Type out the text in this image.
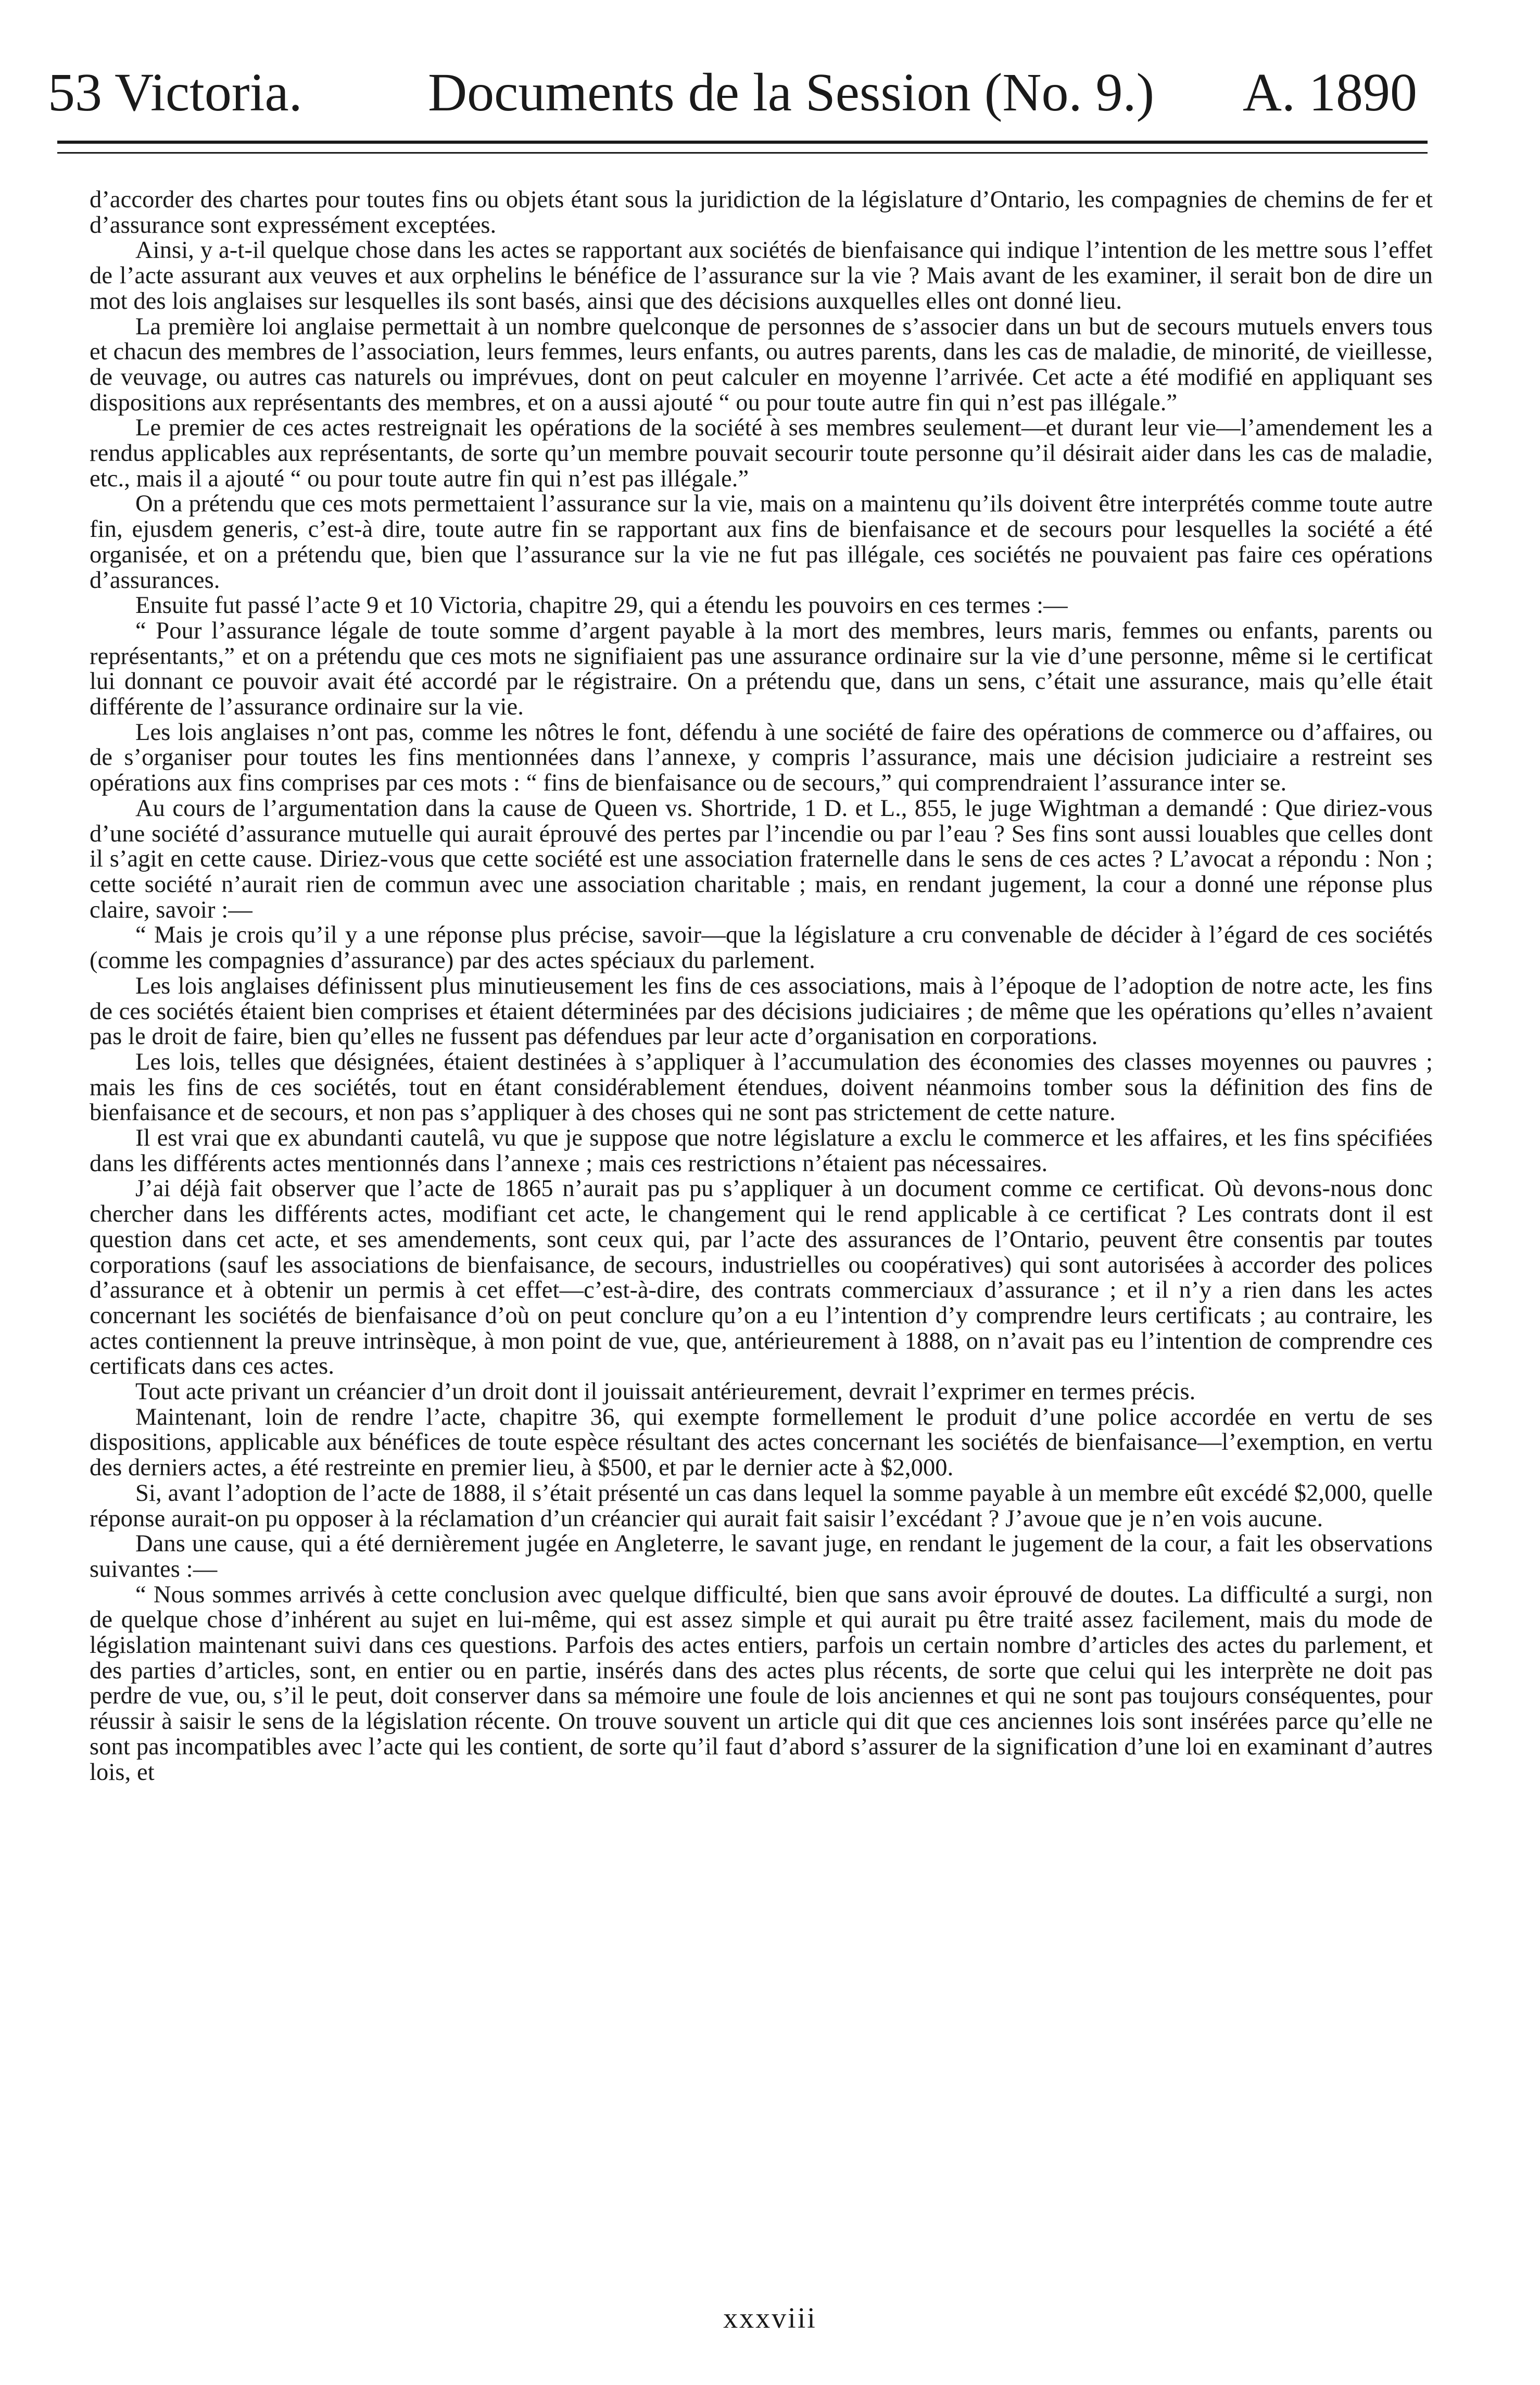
53 Victoria. Documents de la Session (No. 9.) A. 1890

d’accorder des chartes pour toutes fins ou objets étant sous la juridiction de la législature d’Ontario, les compagnies de chemins de fer et d’assurance sont expressément exceptées.

Ainsi, y a-t-il quelque chose dans les actes se rapportant aux sociétés de bienfaisance qui indique l’intention de les mettre sous l’effet de l’acte assurant aux veuves et aux orphelins le bénéfice de l’assurance sur la vie ? Mais avant de les examiner, il serait bon de dire un mot des lois anglaises sur lesquelles ils sont basés, ainsi que des décisions auxquelles elles ont donné lieu.

La première loi anglaise permettait à un nombre quelconque de personnes de s’associer dans un but de secours mutuels envers tous et chacun des membres de l’association, leurs femmes, leurs enfants, ou autres parents, dans les cas de maladie, de minorité, de vieillesse, de veuvage, ou autres cas naturels ou imprévues, dont on peut calculer en moyenne l’arrivée. Cet acte a été modifié en appliquant ses dispositions aux représentants des membres, et on a aussi ajouté “ ou pour toute autre fin qui n’est pas illégale.”

Le premier de ces actes restreignait les opérations de la société à ses membres seulement—et durant leur vie—l’amendement les a rendus applicables aux représentants, de sorte qu’un membre pouvait secourir toute personne qu’il désirait aider dans les cas de maladie, etc., mais il a ajouté “ ou pour toute autre fin qui n’est pas illégale.”

On a prétendu que ces mots permettaient l’assurance sur la vie, mais on a maintenu qu’ils doivent être interprétés comme toute autre fin, ejusdem generis, c’est-à dire, toute autre fin se rapportant aux fins de bienfaisance et de secours pour lesquelles la société a été organisée, et on a prétendu que, bien que l’assurance sur la vie ne fut pas illégale, ces sociétés ne pouvaient pas faire ces opérations d’assurances.

Ensuite fut passé l’acte 9 et 10 Victoria, chapitre 29, qui a étendu les pouvoirs en ces termes :—

“ Pour l’assurance légale de toute somme d’argent payable à la mort des membres, leurs maris, femmes ou enfants, parents ou représentants,” et on a prétendu que ces mots ne signifiaient pas une assurance ordinaire sur la vie d’une personne, même si le certificat lui donnant ce pouvoir avait été accordé par le régistraire. On a prétendu que, dans un sens, c’était une assurance, mais qu’elle était différente de l’assurance ordinaire sur la vie.

Les lois anglaises n’ont pas, comme les nôtres le font, défendu à une société de faire des opérations de commerce ou d’affaires, ou de s’organiser pour toutes les fins mentionnées dans l’annexe, y compris l’assurance, mais une décision judiciaire a restreint ses opérations aux fins comprises par ces mots : “ fins de bienfaisance ou de secours,” qui comprendraient l’assurance inter se.

Au cours de l’argumentation dans la cause de Queen vs. Shortride, 1 D. et L., 855, le juge Wightman a demandé : Que diriez-vous d’une société d’assurance mutuelle qui aurait éprouvé des pertes par l’incendie ou par l’eau ? Ses fins sont aussi louables que celles dont il s’agit en cette cause. Diriez-vous que cette société est une association fraternelle dans le sens de ces actes ? L’avocat a répondu : Non ; cette société n’aurait rien de commun avec une association charitable ; mais, en rendant jugement, la cour a donné une réponse plus claire, savoir :—

“ Mais je crois qu’il y a une réponse plus précise, savoir—que la législature a cru convenable de décider à l’égard de ces sociétés (comme les compagnies d’assurance) par des actes spéciaux du parlement.

Les lois anglaises définissent plus minutieusement les fins de ces associations, mais à l’époque de l’adoption de notre acte, les fins de ces sociétés étaient bien comprises et étaient déterminées par des décisions judiciaires ; de même que les opérations qu’elles n’avaient pas le droit de faire, bien qu’elles ne fussent pas défendues par leur acte d’organisation en corporations.

Les lois, telles que désignées, étaient destinées à s’appliquer à l’accumulation des économies des classes moyennes ou pauvres ; mais les fins de ces sociétés, tout en étant considérablement étendues, doivent néanmoins tomber sous la définition des fins de bienfaisance et de secours, et non pas s’appliquer à des choses qui ne sont pas strictement de cette nature.

Il est vrai que ex abundanti cautelâ, vu que je suppose que notre législature a exclu le commerce et les affaires, et les fins spécifiées dans les différents actes mentionnés dans l’annexe ; mais ces restrictions n’étaient pas nécessaires.

J’ai déjà fait observer que l’acte de 1865 n’aurait pas pu s’appliquer à un document comme ce certificat. Où devons-nous donc chercher dans les différents actes, modifiant cet acte, le changement qui le rend applicable à ce certificat ? Les contrats dont il est question dans cet acte, et ses amendements, sont ceux qui, par l’acte des assurances de l’Ontario, peuvent être consentis par toutes corporations (sauf les associations de bienfaisance, de secours, industrielles ou coopératives) qui sont autorisées à accorder des polices d’assurance et à obtenir un permis à cet effet—c’est-à-dire, des contrats commerciaux d’assurance ; et il n’y a rien dans les actes concernant les sociétés de bienfaisance d’où on peut conclure qu’on a eu l’intention d’y comprendre leurs certificats ; au contraire, les actes contiennent la preuve intrinsèque, à mon point de vue, que, antérieurement à 1888, on n’avait pas eu l’intention de comprendre ces certificats dans ces actes.

Tout acte privant un créancier d’un droit dont il jouissait antérieurement, devrait l’exprimer en termes précis.

Maintenant, loin de rendre l’acte, chapitre 36, qui exempte formellement le produit d’une police accordée en vertu de ses dispositions, applicable aux bénéfices de toute espèce résultant des actes concernant les sociétés de bienfaisance—l’exemption, en vertu des derniers actes, a été restreinte en premier lieu, à $500, et par le dernier acte à $2,000.

Si, avant l’adoption de l’acte de 1888, il s’était présenté un cas dans lequel la somme payable à un membre eût excédé $2,000, quelle réponse aurait-on pu opposer à la réclamation d’un créancier qui aurait fait saisir l’excédant ? J’avoue que je n’en vois aucune.

Dans une cause, qui a été dernièrement jugée en Angleterre, le savant juge, en rendant le jugement de la cour, a fait les observations suivantes :—

“ Nous sommes arrivés à cette conclusion avec quelque difficulté, bien que sans avoir éprouvé de doutes. La difficulté a surgi, non de quelque chose d’inhérent au sujet en lui-même, qui est assez simple et qui aurait pu être traité assez facilement, mais du mode de législation maintenant suivi dans ces questions. Parfois des actes entiers, parfois un certain nombre d’articles des actes du parlement, et des parties d’articles, sont, en entier ou en partie, insérés dans des actes plus récents, de sorte que celui qui les interprète ne doit pas perdre de vue, ou, s’il le peut, doit conserver dans sa mémoire une foule de lois anciennes et qui ne sont pas toujours conséquentes, pour réussir à saisir le sens de la législation récente. On trouve souvent un article qui dit que ces anciennes lois sont insérées parce qu’elle ne sont pas incompatibles avec l’acte qui les contient, de sorte qu’il faut d’abord s’assurer de la signification d’une loi en examinant d’autres lois, et

xxxviii
